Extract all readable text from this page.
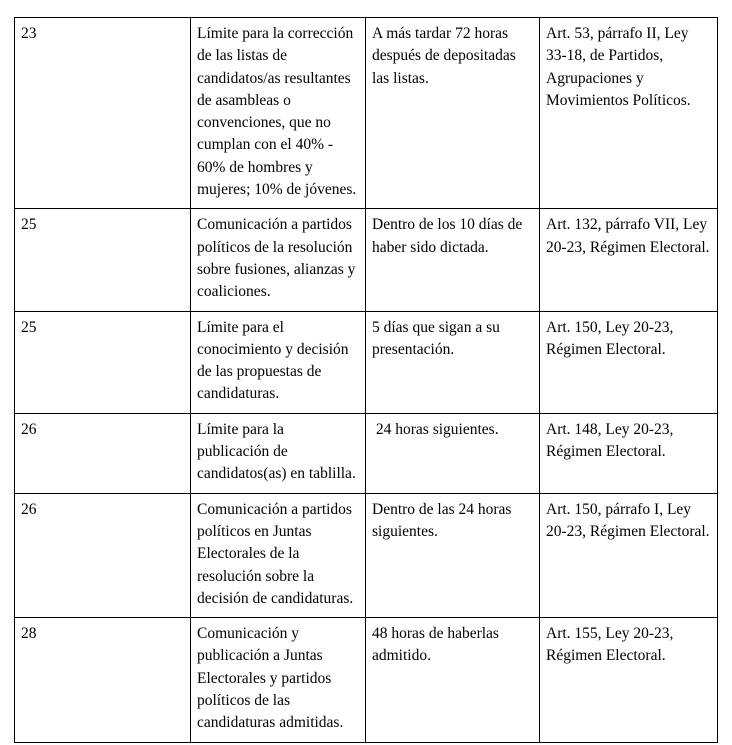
23	Límite para la corrección de las listas de candidatos/as resultantes de asambleas o convenciones, que no cumplan con el 40% - 60% de hombres y mujeres; 10% de jóvenes.	A más tardar 72 horas después de depositadas las listas.	Art. 53, párrafo II, Ley 33-18, de Partidos, Agrupaciones y Movimientos Políticos.
25	Comunicación a partidos políticos de la resolución sobre fusiones, alianzas y coaliciones.	Dentro de los 10 días de haber sido dictada.	Art. 132, párrafo VII, Ley 20-23, Régimen Electoral.
25	Límite para el conocimiento y decisión de las propuestas de candidaturas.	5 días que sigan a su presentación.	Art. 150, Ley 20-23, Régimen Electoral.
26	Límite para la publicación de candidatos(as) en tablilla.	24 horas siguientes.	Art. 148, Ley 20-23, Régimen Electoral.
26	Comunicación a partidos políticos en Juntas Electorales de la resolución sobre la decisión de candidaturas.	Dentro de las 24 horas siguientes.	Art. 150, párrafo I, Ley 20-23, Régimen Electoral.
28	Comunicación y publicación a Juntas Electorales y partidos políticos de las candidaturas admitidas.	48 horas de haberlas admitido.	Art. 155, Ley 20-23, Régimen Electoral.
